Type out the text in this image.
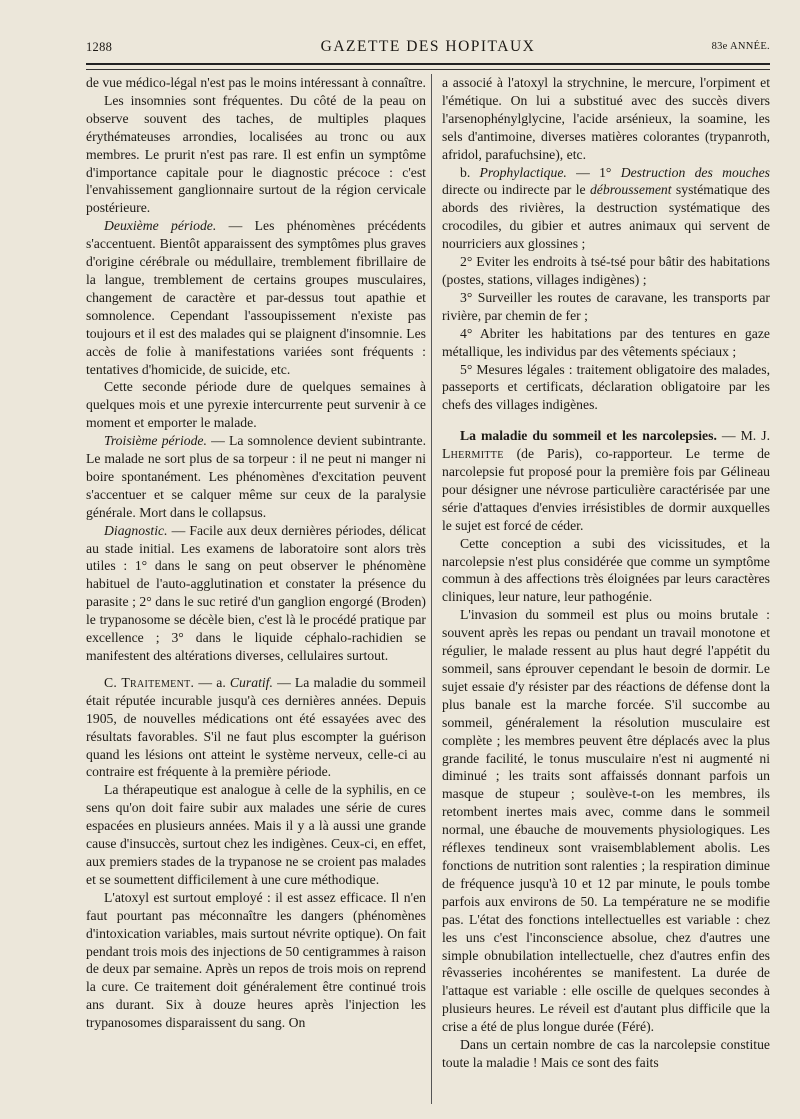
1288	GAZETTE DES HOPITAUX	83e ANNÉE.

de vue médico-légal n'est pas le moins intéressant à connaître.

Les insomnies sont fréquentes. Du côté de la peau on observe souvent des taches, de multiples plaques érythémateuses arrondies, localisées au tronc ou aux membres. Le prurit n'est pas rare. Il est enfin un symptôme d'importance capitale pour le diagnostic précoce : c'est l'envahissement ganglionnaire surtout de la région cervicale postérieure.

Deuxième période. — Les phénomènes précédents s'accentuent. Bientôt apparaissent des symptômes plus graves d'origine cérébrale ou médullaire, tremblement fibrillaire de la langue, tremblement de certains groupes musculaires, changement de caractère et par-dessus tout apathie et somnolence. Cependant l'assoupissement n'existe pas toujours et il est des malades qui se plaignent d'insomnie. Les accès de folie à manifestations variées sont fréquents : tentatives d'homicide, de suicide, etc.

Cette seconde période dure de quelques semaines à quelques mois et une pyrexie intercurrente peut survenir à ce moment et emporter le malade.

Troisième période. — La somnolence devient subintrante. Le malade ne sort plus de sa torpeur : il ne peut ni manger ni boire spontanément. Les phénomènes d'excitation peuvent s'accentuer et se calquer même sur ceux de la paralysie générale. Mort dans le collapsus.

Diagnostic. — Facile aux deux dernières périodes, délicat au stade initial. Les examens de laboratoire sont alors très utiles : 1° dans le sang on peut observer le phénomène habituel de l'auto-agglutination et constater la présence du parasite ; 2° dans le suc retiré d'un ganglion engorgé (Broden) le trypanosome se décèle bien, c'est là le procédé pratique par excellence ; 3° dans le liquide céphalo-rachidien se manifestent des altérations diverses, cellulaires surtout.

C. Traitement. — a. Curatif. — La maladie du sommeil était réputée incurable jusqu'à ces dernières années. Depuis 1905, de nouvelles médications ont été essayées avec des résultats favorables. S'il ne faut plus escompter la guérison quand les lésions ont atteint le système nerveux, celle-ci au contraire est fréquente à la première période.

La thérapeutique est analogue à celle de la syphilis, en ce sens qu'on doit faire subir aux malades une série de cures espacées en plusieurs années. Mais il y a là aussi une grande cause d'insuccès, surtout chez les indigènes. Ceux-ci, en effet, aux premiers stades de la trypanose ne se croient pas malades et se soumettent difficilement à une cure méthodique.

L'atoxyl est surtout employé : il est assez efficace. Il n'en faut pourtant pas méconnaître les dangers (phénomènes d'intoxication variables, mais surtout névrite optique). On fait pendant trois mois des injections de 50 centigrammes à raison de deux par semaine. Après un repos de trois mois on reprend la cure. Ce traitement doit généralement être continué trois ans durant. Six à douze heures après l'injection les trypanosomes disparaissent du sang. On

a associé à l'atoxyl la strychnine, le mercure, l'orpiment et l'émétique. On lui a substitué avec des succès divers l'arsenophénylglycine, l'acide arsénieux, la soamine, les sels d'antimoine, diverses matières colorantes (trypanroth, afridol, parafuchsine), etc.

b. Prophylactique. — 1° Destruction des mouches directe ou indirecte par le débroussement systématique des abords des rivières, la destruction systématique des crocodiles, du gibier et autres animaux qui servent de nourriciers aux glossines ;

2° Eviter les endroits à tsé-tsé pour bâtir des habitations (postes, stations, villages indigènes) ;

3° Surveiller les routes de caravane, les transports par rivière, par chemin de fer ;

4° Abriter les habitations par des tentures en gaze métallique, les individus par des vêtements spéciaux ;

5° Mesures légales : traitement obligatoire des malades, passeports et certificats, déclaration obligatoire par les chefs des villages indigènes.

La maladie du sommeil et les narcolepsies. — M. J. Lhermitte (de Paris), co-rapporteur. Le terme de narcolepsie fut proposé pour la première fois par Gélineau pour désigner une névrose particulière caractérisée par une série d'attaques d'envies irrésistibles de dormir auxquelles le sujet est forcé de céder.

Cette conception a subi des vicissitudes, et la narcolepsie n'est plus considérée que comme un symptôme commun à des affections très éloignées par leurs caractères cliniques, leur nature, leur pathogénie.

L'invasion du sommeil est plus ou moins brutale : souvent après les repas ou pendant un travail monotone et régulier, le malade ressent au plus haut degré l'appétit du sommeil, sans éprouver cependant le besoin de dormir. Le sujet essaie d'y résister par des réactions de défense dont la plus banale est la marche forcée. S'il succombe au sommeil, généralement la résolution musculaire est complète ; les membres peuvent être déplacés avec la plus grande facilité, le tonus musculaire n'est ni augmenté ni diminué ; les traits sont affaissés donnant parfois un masque de stupeur ; soulève-t-on les membres, ils retombent inertes mais avec, comme dans le sommeil normal, une ébauche de mouvements physiologiques. Les réflexes tendineux sont vraisemblablement abolis. Les fonctions de nutrition sont ralenties ; la respiration diminue de fréquence jusqu'à 10 et 12 par minute, le pouls tombe parfois aux environs de 50. La température ne se modifie pas. L'état des fonctions intellectuelles est variable : chez les uns c'est l'inconscience absolue, chez d'autres une simple obnubilation intellectuelle, chez d'autres enfin des rêvasseries incohérentes se manifestent. La durée de l'attaque est variable : elle oscille de quelques secondes à plusieurs heures. Le réveil est d'autant plus difficile que la crise a été de plus longue durée (Féré).

Dans un certain nombre de cas la narcolepsie constitue toute la maladie ! Mais ce sont des faits
